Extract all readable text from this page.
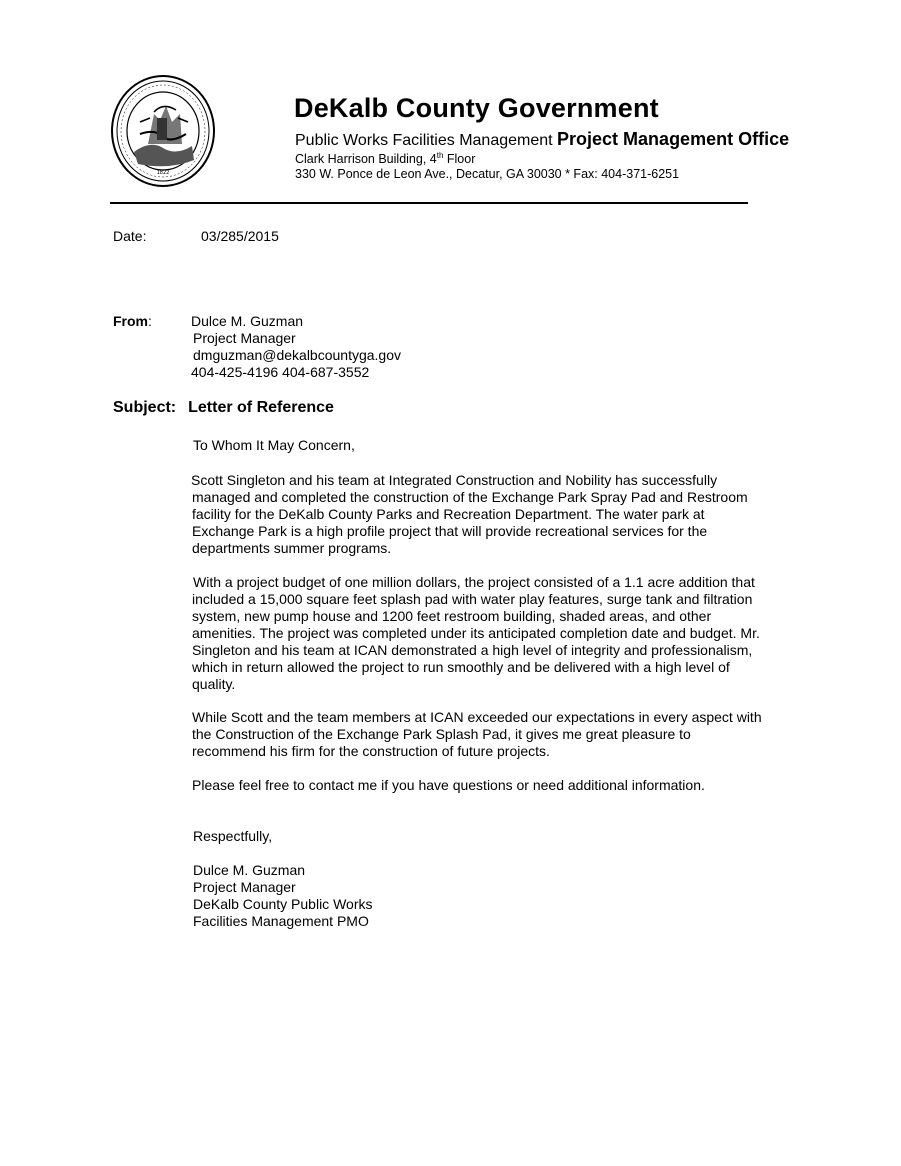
1822
DeKalb County Government
Public Works Facilities Management Project Management Office
Clark Harrison Building, 4th Floor
330 W. Ponce de Leon Ave., Decatur, GA 30030 * Fax: 404-371-6251
Date:	03/285/2015
From :	Dulce M. Guzman
Project Manager
dmguzman@dekalbcountyga.gov
404-425-4196 404-687-3552
Subject: Letter of Reference
To Whom It May Concern,
Scott Singleton and his team at Integrated Construction and Nobility has successfully
managed and completed the construction of the Exchange Park Spray Pad and Restroom
facility for the DeKalb County Parks and Recreation Department. The water park at
Exchange Park is a high profile project that will provide recreational services for the
departments summer programs.
With a project budget of one million dollars, the project consisted of a 1.1 acre addition that
included a 15,000 square feet splash pad with water play features, surge tank and filtration
system, new pump house and 1200 feet restroom building, shaded areas, and other
amenities. The project was completed under its anticipated completion date and budget. Mr.
Singleton and his team at ICAN demonstrated a high level of integrity and professionalism,
which in return allowed the project to run smoothly and be delivered with a high level of
quality.
While Scott and the team members at ICAN exceeded our expectations in every aspect with
the Construction of the Exchange Park Splash Pad, it gives me great pleasure to
recommend his firm for the construction of future projects.
Please feel free to contact me if you have questions or need additional information.
Respectfully,
Dulce M. Guzman
Project Manager
DeKalb County Public Works
Facilities Management PMO
